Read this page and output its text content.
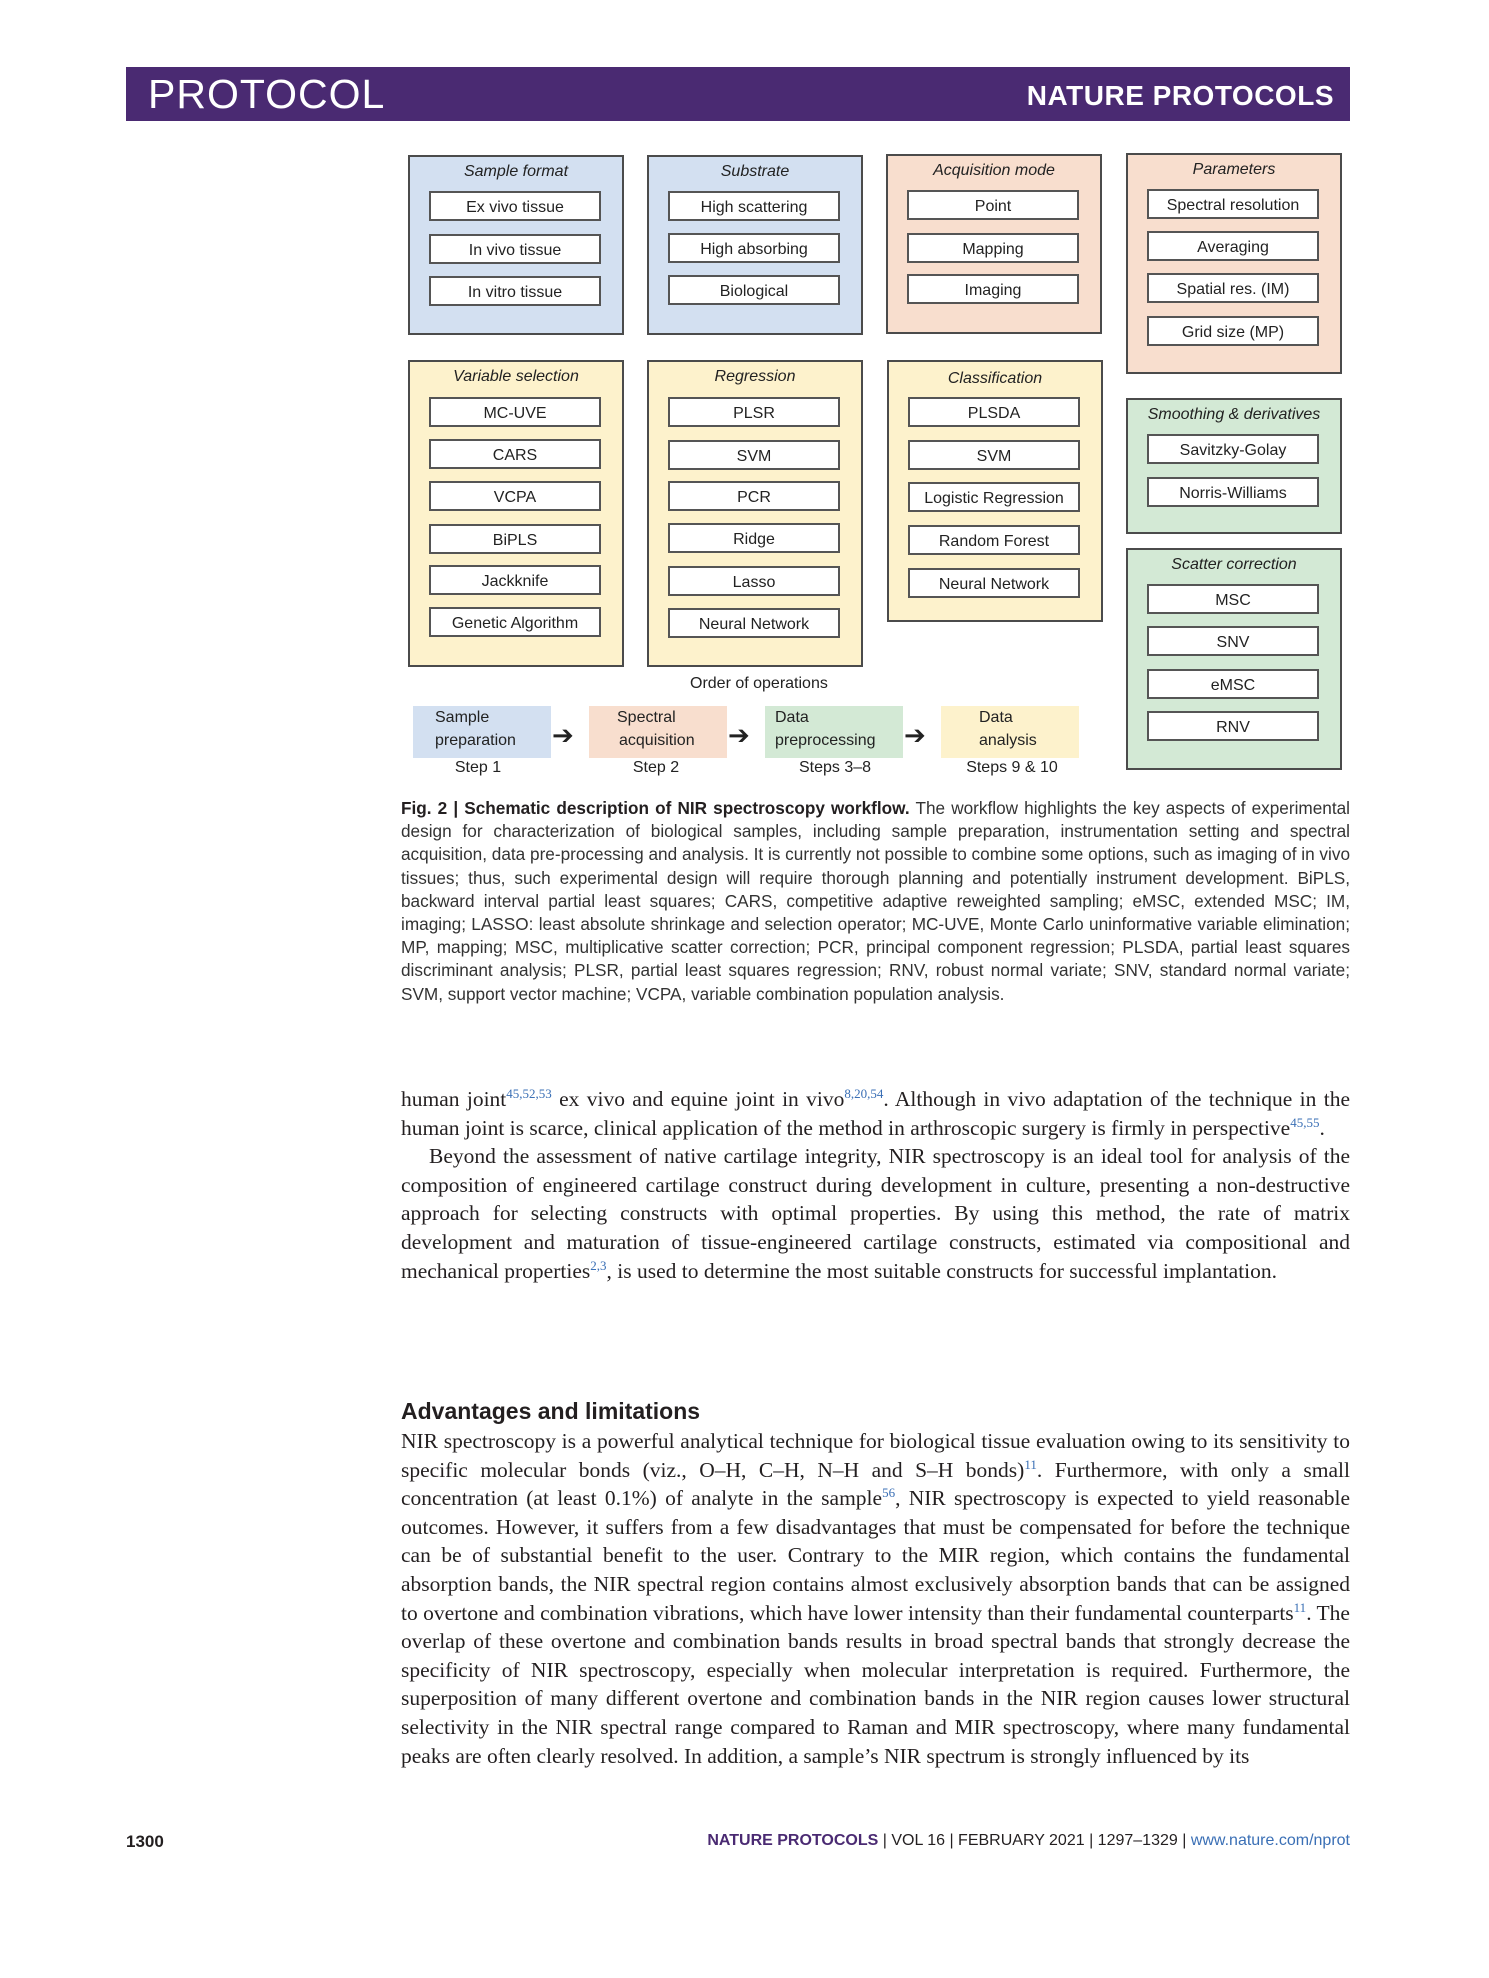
PROTOCOL	NATURE PROTOCOLS
Sample format
Ex vivo tissue
In vivo tissue
In vitro tissue
Substrate
High scattering
High absorbing
Biological
Acquisition mode
Point
Mapping
Imaging
Parameters
Spectral resolution
Averaging
Spatial res. (IM)
Grid size (MP)
Variable selection
MC-UVE
CARS
VCPA
BiPLS
Jackknife
Genetic Algorithm
Regression
PLSR
SVM
PCR
Ridge
Lasso
Neural Network
Classification
PLSDA
SVM
Logistic Regression
Random Forest
Neural Network
Smoothing & derivatives
Savitzky-Golay
Norris-Williams
Scatter correction
MSC
SNV
eMSC
RNV
Order of operations
Sample
preparation	➔
Spectral
acquisition	➔
Data
preprocessing	➔
Data
analysis
Step 1	Step 2	Steps 3–8	Steps 9 & 10
Fig. 2 | Schematic description of NIR spectroscopy workflow. The workflow highlights the key aspects of experimental design for characterization of biological samples, including sample preparation, instrumentation setting and spectral acquisition, data pre-processing and analysis. It is currently not possible to combine some options, such as imaging of in vivo tissues; thus, such experimental design will require thorough planning and potentially instrument development. BiPLS, backward interval partial least squares; CARS, competitive adaptive reweighted sampling; eMSC, extended MSC; IM, imaging; LASSO: least absolute shrinkage and selection operator; MC-UVE, Monte Carlo uninformative variable elimination; MP, mapping; MSC, multiplicative scatter correction; PCR, principal component regression; PLSDA, partial least squares discriminant analysis; PLSR, partial least squares regression; RNV, robust normal variate; SNV, standard normal variate; SVM, support vector machine; VCPA, variable combination population analysis.

human joint$^{45,52,53}$ ex vivo and equine joint in vivo$^{8,20,54}$. Although in vivo adaptation of the technique in the human joint is scarce, clinical application of the method in arthroscopic surgery is firmly in perspective$^{45,55}$.

Beyond the assessment of native cartilage integrity, NIR spectroscopy is an ideal tool for analysis of the composition of engineered cartilage construct during development in culture, presenting a non-destructive approach for selecting constructs with optimal properties. By using this method, the rate of matrix development and maturation of tissue-engineered cartilage constructs, estimated via compositional and mechanical properties$^{2,3}$, is used to determine the most suitable constructs for successful implantation.

Advantages and limitations

NIR spectroscopy is a powerful analytical technique for biological tissue evaluation owing to its sensitivity to specific molecular bonds (viz., O–H, C–H, N–H and S–H bonds)$^{11}$. Furthermore, with only a small concentration (at least 0.1%) of analyte in the sample$^{56}$, NIR spectroscopy is expected to yield reasonable outcomes. However, it suffers from a few disadvantages that must be compensated for before the technique can be of substantial benefit to the user. Contrary to the MIR region, which contains the fundamental absorption bands, the NIR spectral region contains almost exclusively absorption bands that can be assigned to overtone and combination vibrations, which have lower intensity than their fundamental counterparts$^{11}$. The overlap of these overtone and combination bands results in broad spectral bands that strongly decrease the specificity of NIR spectroscopy, especially when molecular interpretation is required. Furthermore, the superposition of many different overtone and combination bands in the NIR region causes lower structural selectivity in the NIR spectral range compared to Raman and MIR spectroscopy, where many fundamental peaks are often clearly resolved. In addition, a sample’s NIR spectrum is strongly influenced by its

1300	NATURE PROTOCOLS | VOL 16 | FEBRUARY 2021 | 1297–1329 | www.nature.com/nprot
